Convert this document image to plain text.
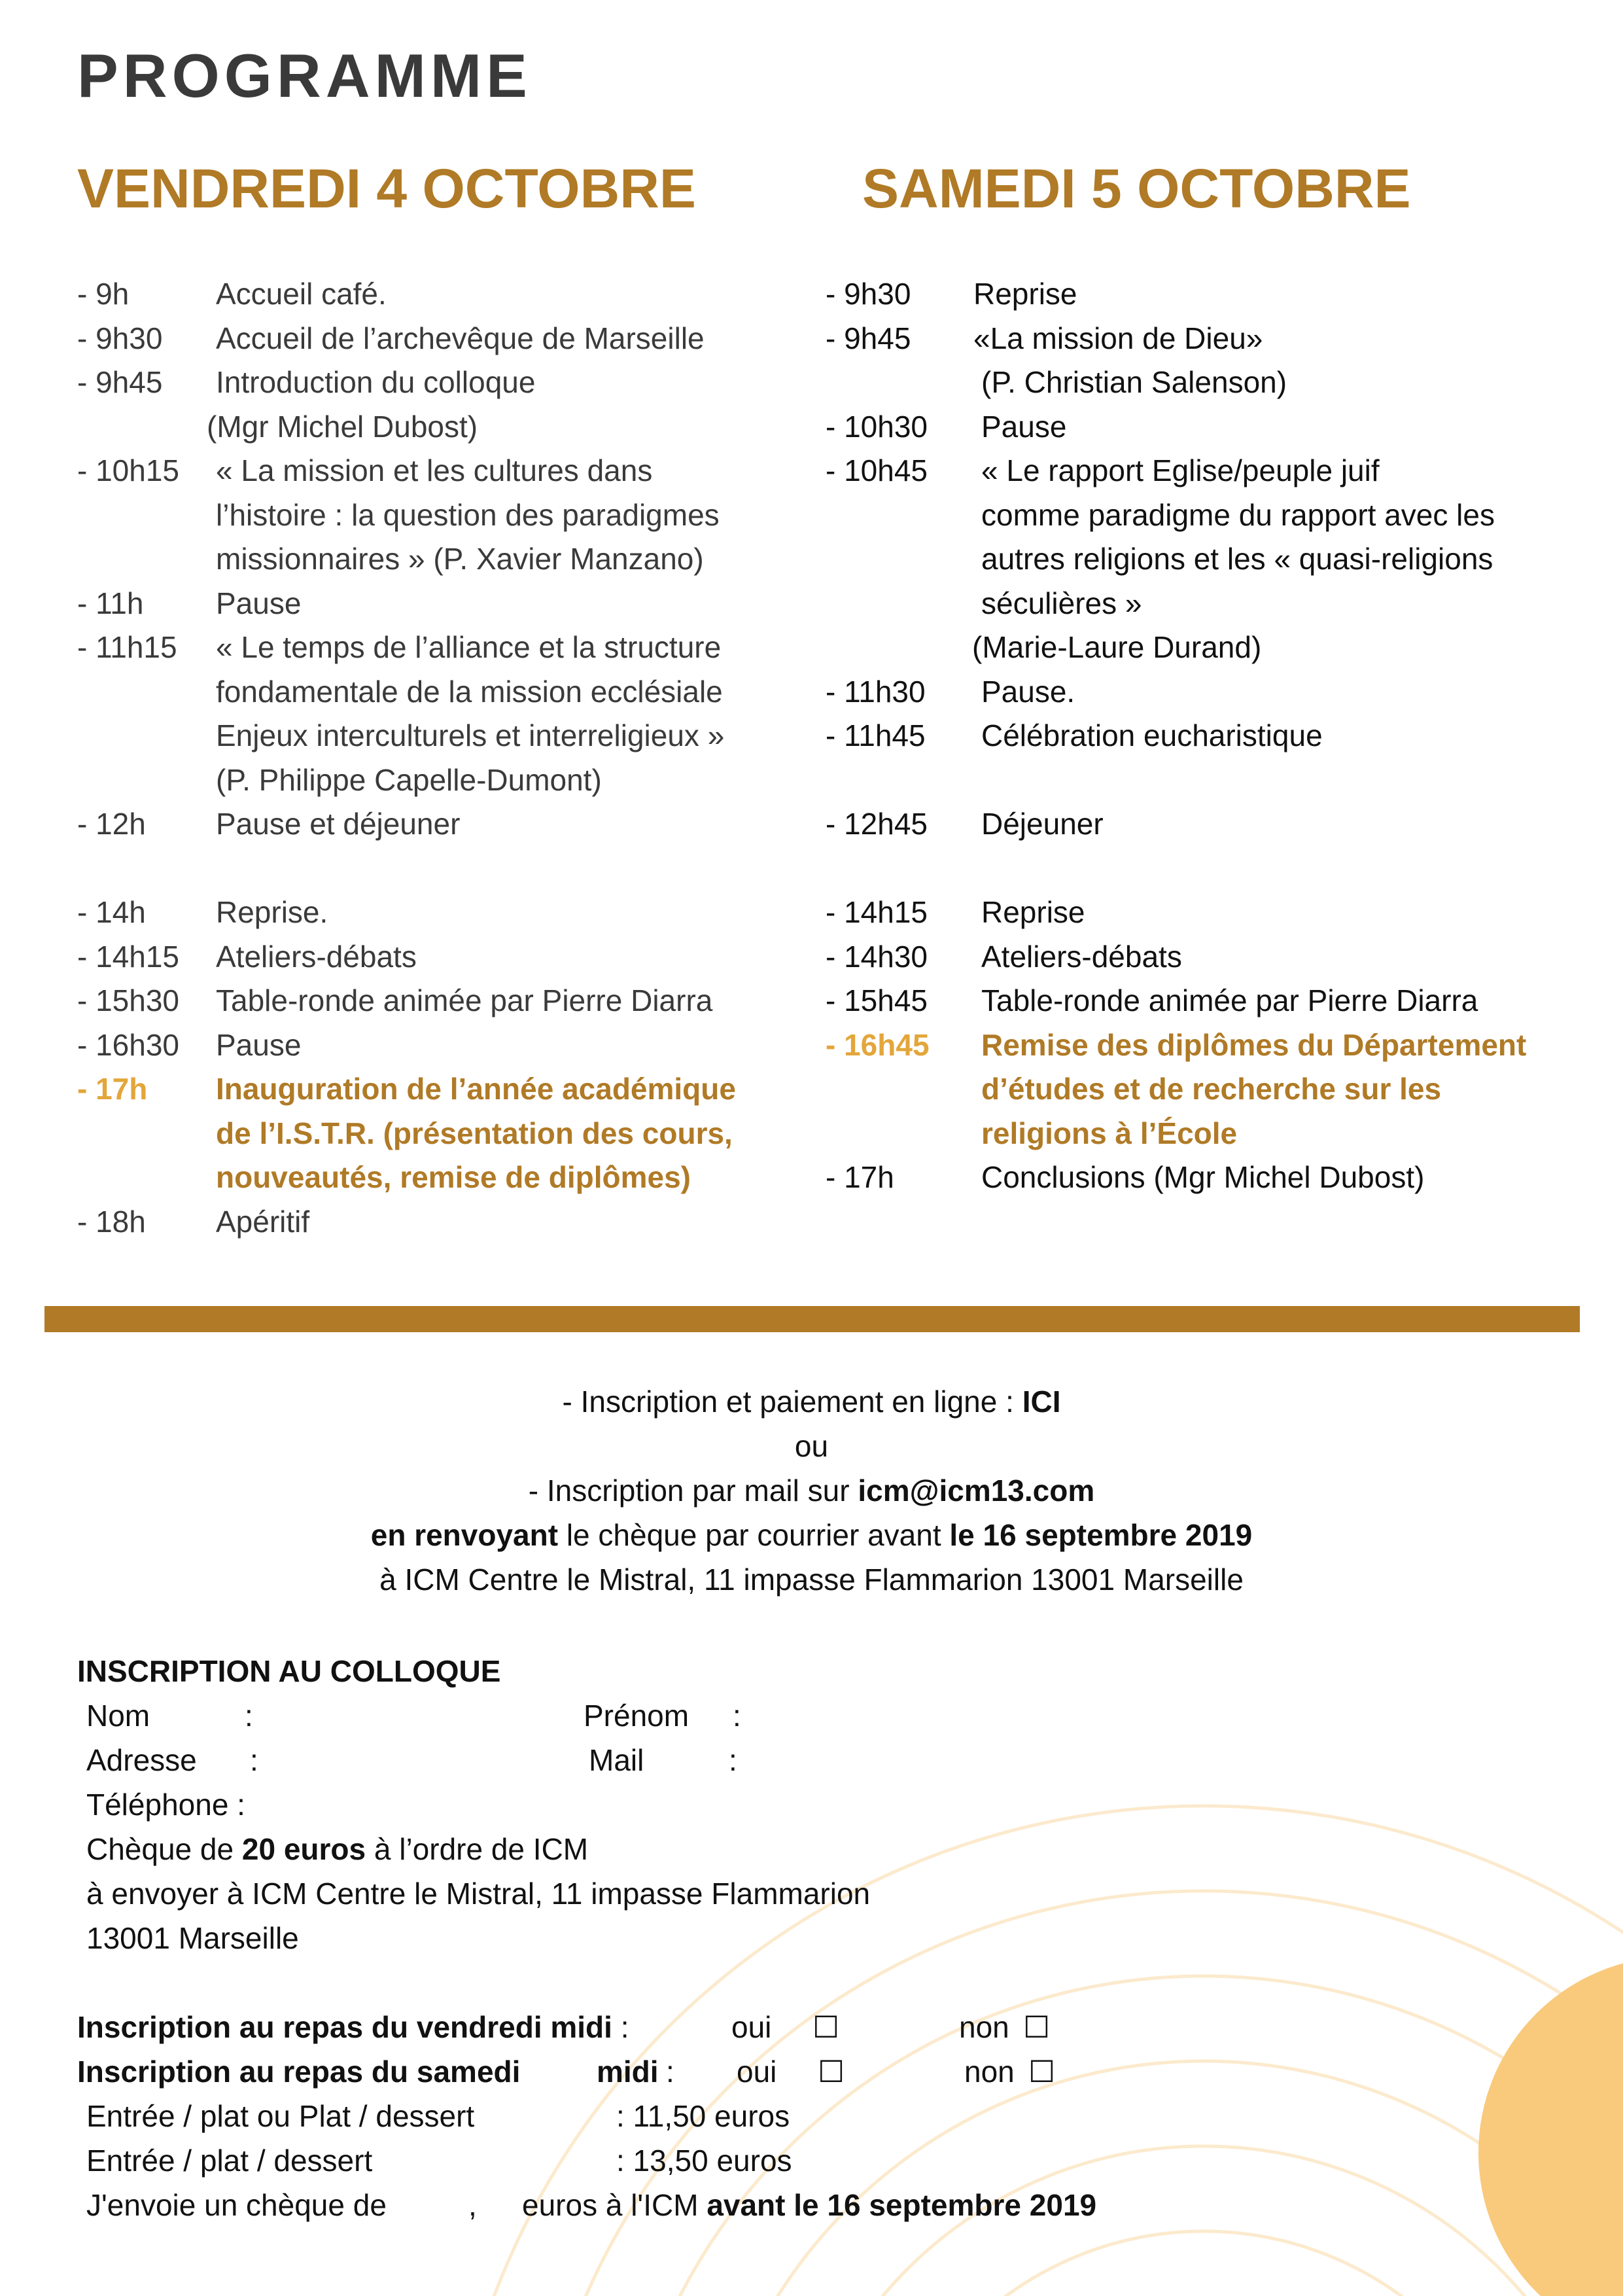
PROGRAMME
VENDREDI 4 OCTOBRE	SAMEDI 5 OCTOBRE
- 9h	Accueil café.
- 9h30 Accueil de l’archevêque de Marseille
- 9h45 Introduction du colloque
(Mgr Michel Dubost)
- 10h15 « La mission et les cultures dans
l’histoire : la question des paradigmes
missionnaires » (P. Xavier Manzano)
- 11h Pause
- 11h15 « Le temps de l’alliance et la structure
fondamentale de la mission ecclésiale
Enjeux interculturels et interreligieux »
(P. Philippe Capelle-Dumont)
- 12h Pause et déjeuner
- 14h Reprise.
- 14h15 Ateliers-débats
- 15h30 Table-ronde animée par Pierre Diarra
- 16h30 Pause
- 17h Inauguration de l’année académique
de l’I.S.T.R. (présentation des cours,
nouveautés, remise de diplômes)
- 18h Apéritif
- 9h30 Reprise
- 9h45 «La mission de Dieu»
(P. Christian Salenson)
- 10h30 Pause
- 10h45 « Le rapport Eglise/peuple juif
comme paradigme du rapport avec les
autres religions et les « quasi-religions
séculières »
(Marie-Laure Durand)
- 11h30 Pause.
- 11h45 Célébration eucharistique
- 12h45 Déjeuner
- 14h15 Reprise
- 14h30 Ateliers-débats
- 15h45 Table-ronde animée par Pierre Diarra
- 16h45 Remise des diplômes du Département
d’études et de recherche sur les
religions à l’École
- 17h	Conclusions (Mgr Michel Dubost)
- Inscription et paiement en ligne : ICI
ou
- Inscription par mail sur icm@icm13.com
en renvoyant le chèque par courrier avant le 16 septembre 2019
à ICM Centre le Mistral, 11 impasse Flammarion 13001 Marseille
INSCRIPTION AU COLLOQUE
Nom	:	Prénom :
Adresse :	Mail	:
Téléphone :
Chèque de 20 euros à l’ordre de ICM
à envoyer à ICM Centre le Mistral, 11 impasse Flammarion
13001 Marseille
Inscription au repas du vendredi midi :	oui ☐	non ☐
Inscription au repas du samedi	midi : oui ☐	non ☐
Entrée / plat ou Plat / dessert	: 11,50 euros
Entrée / plat / dessert	: 13,50 euros
J'envoie un chèque de	, euros à l'ICM avant le 16 septembre 2019
